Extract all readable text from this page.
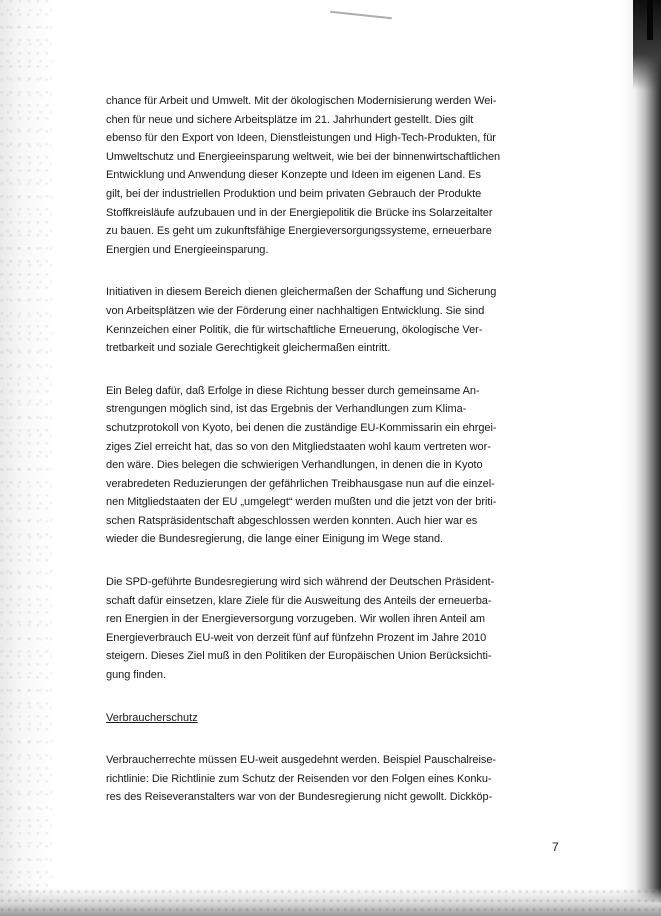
chance für Arbeit und Umwelt. Mit der ökologischen Modernisierung werden Wei-
chen für neue und sichere Arbeitsplätze im 21. Jahrhundert gestellt. Dies gilt
ebenso für den Export von Ideen, Dienstleistungen und High-Tech-Produkten, für
Umweltschutz und Energieeinsparung weltweit, wie bei der binnenwirtschaftlichen
Entwicklung und Anwendung dieser Konzepte und Ideen im eigenen Land. Es
gilt, bei der industriellen Produktion und beim privaten Gebrauch der Produkte
Stoffkreisläufe aufzubauen und in der Energiepolitik die Brücke ins Solarzeitalter
zu bauen. Es geht um zukunftsfähige Energieversorgungssysteme, erneuerbare
Energien und Energieeinsparung.

Initiativen in diesem Bereich dienen gleichermaßen der Schaffung und Sicherung
von Arbeitsplätzen wie der Förderung einer nachhaltigen Entwicklung. Sie sind
Kennzeichen einer Politik, die für wirtschaftliche Erneuerung, ökologische Ver-
tretbarkeit und soziale Gerechtigkeit gleichermaßen eintritt.

Ein Beleg dafür, daß Erfolge in diese Richtung besser durch gemeinsame An-
strengungen möglich sind, ist das Ergebnis der Verhandlungen zum Klima-
schutzprotokoll von Kyoto, bei denen die zuständige EU-Kommissarin ein ehrgei-
ziges Ziel erreicht hat, das so von den Mitgliedstaaten wohl kaum vertreten wor-
den wäre. Dies belegen die schwierigen Verhandlungen, in denen die in Kyoto
verabredeten Reduzierungen der gefährlichen Treibhausgase nun auf die einzel-
nen Mitgliedstaaten der EU „umgelegt“ werden mußten und die jetzt von der briti-
schen Ratspräsidentschaft abgeschlossen werden konnten. Auch hier war es
wieder die Bundesregierung, die lange einer Einigung im Wege stand.

Die SPD-geführte Bundesregierung wird sich während der Deutschen Präsident-
schaft dafür einsetzen, klare Ziele für die Ausweitung des Anteils der erneuerba-
ren Energien in der Energieversorgung vorzugeben. Wir wollen ihren Anteil am
Energieverbrauch EU-weit von derzeit fünf auf fünfzehn Prozent im Jahre 2010
steigern. Dieses Ziel muß in den Politiken der Europäischen Union Berücksichti-
gung finden.

Verbraucherschutz

Verbraucherrechte müssen EU-weit ausgedehnt werden. Beispiel Pauschalreise-
richtlinie: Die Richtlinie zum Schutz der Reisenden vor den Folgen eines Konku-
res des Reiseveranstalters war von der Bundesregierung nicht gewollt. Dickköp-

7
